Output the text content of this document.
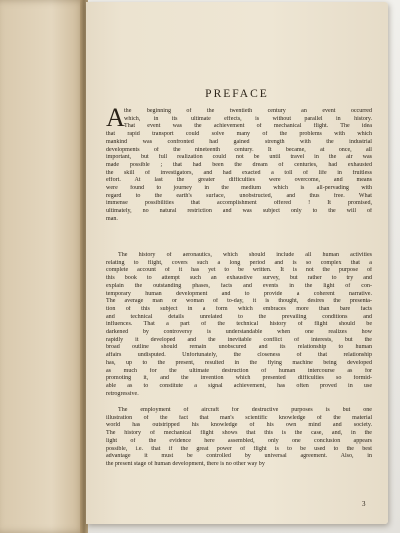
PREFACE
A the beginning of the twentieth century an event occurred
which, in its ultimate effects, is without parallel in history.
That event was the achievement of mechanical flight. The idea
that rapid transport could solve many of the problems with which
mankind was confronted had gained strength with the industrial
developments of the nineteenth century. It became, at once, all
important, but full realization could not be until travel in the air was
made possible ; that had been the dream of centuries, had exhausted
the skill of investigators, and had exacted a toll of life in fruitless
effort. At last the greater difficulties were overcome, and means
were found to journey in the medium which is all-pervading with
regard to the earth's surface, unobstructed, and thus free. What
immense possibilities that accomplishment offered ! It promised,
ultimately, no natural restriction and was subject only to the will of
man.
The history of aeronautics, which should include all human activities
relating to flight, covers such a long period and is so complex that a
complete account of it has yet to be written. It is not the purpose of
this book to attempt such an exhaustive survey, but rather to try and
explain the outstanding phases, facts and events in the light of con-
temporary human development and to provide a coherent narrative.
The average man or woman of to-day, it is thought, desires the presenta-
tion of this subject in a form which embraces more than bare facts
and technical details unrelated to the prevailing conditions and
influences. That a part of the technical history of flight should be
darkened by controversy is understandable when one realizes how
rapidly it developed and the inevitable conflict of interests, but the
broad outline should remain unobscured and its relationship to human
affairs undisputed. Unfortunately, the closeness of that relationship
has, up to the present, resulted in the flying machine being developed
as much for the ultimate destruction of human intercourse as for
promoting it, and the invention which presented difficulties so formid-
able as to constitute a signal achievement, has often proved in use
retrogressive.
The employment of aircraft for destructive purposes is but one
illustration of the fact that man's scientific knowledge of the material
world has outstripped his knowledge of his own mind and society.
The history of mechanical flight shows that this is the case, and, in the
light of the evidence here assembled, only one conclusion appears
possible, i.e. that if the great power of flight is to be used to the best
advantage it must be controlled by universal agreement. Also, in
the present stage of human development, there is no other way by
3
